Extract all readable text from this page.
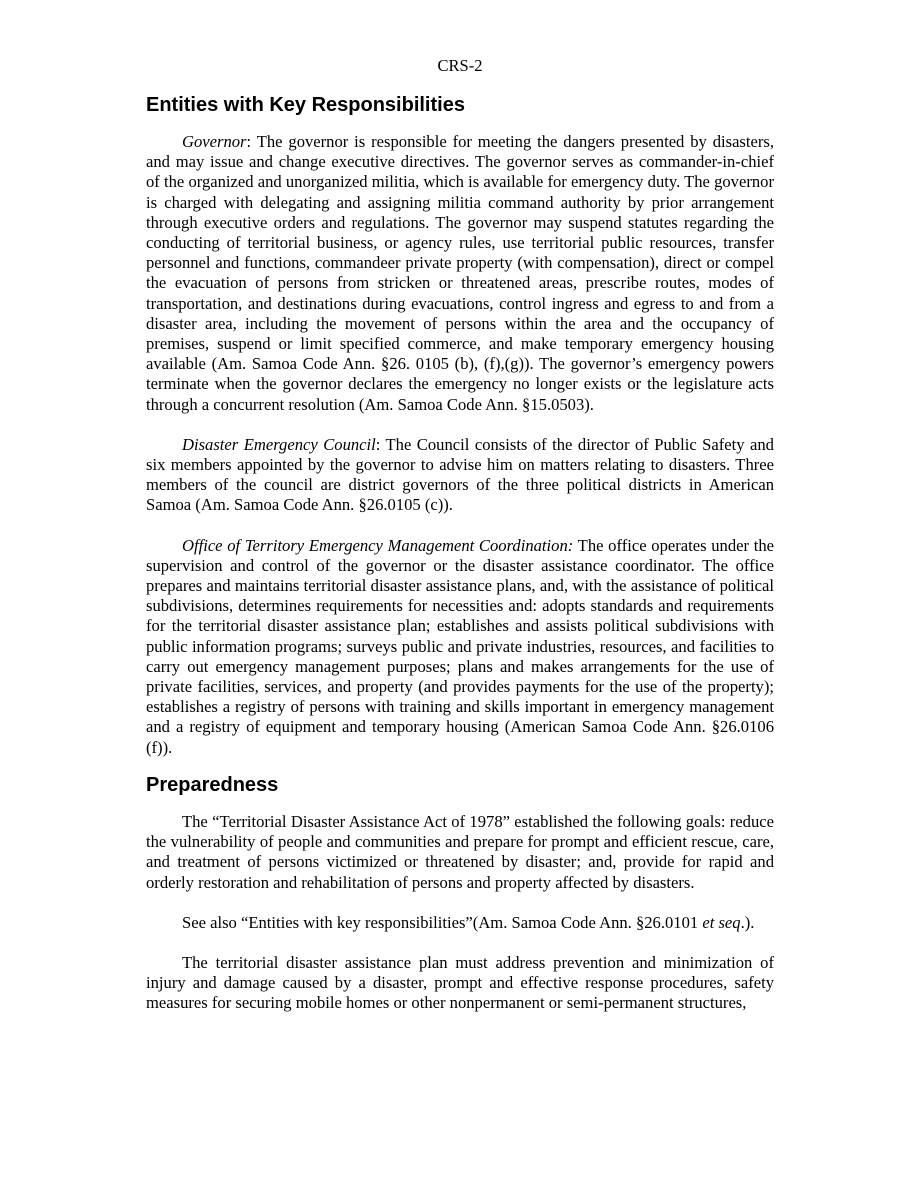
CRS-2
Entities with Key Responsibilities

Governor: The governor is responsible for meeting the dangers presented by disasters, and may issue and change executive directives. The governor serves as commander-in-chief of the organized and unorganized militia, which is available for emergency duty. The governor is charged with delegating and assigning militia command authority by prior arrangement through executive orders and regulations. The governor may suspend statutes regarding the conducting of territorial business, or agency rules, use territorial public resources, transfer personnel and functions, commandeer private property (with compensation), direct or compel the evacuation of persons from stricken or threatened areas, prescribe routes, modes of transportation, and destinations during evacuations, control ingress and egress to and from a disaster area, including the movement of persons within the area and the occupancy of premises, suspend or limit specified commerce, and make temporary emergency housing available (Am. Samoa Code Ann. §26. 0105 (b), (f),(g)). The governor’s emergency powers terminate when the governor declares the emergency no longer exists or the legislature acts through a concurrent resolution (Am. Samoa Code Ann. §15.0503).

Disaster Emergency Council: The Council consists of the director of Public Safety and six members appointed by the governor to advise him on matters relating to disasters. Three members of the council are district governors of the three political districts in American Samoa (Am. Samoa Code Ann. §26.0105 (c)).

Office of Territory Emergency Management Coordination: The office operates under the supervision and control of the governor or the disaster assistance coordinator. The office prepares and maintains territorial disaster assistance plans, and, with the assistance of political subdivisions, determines requirements for necessities and: adopts standards and requirements for the territorial disaster assistance plan; establishes and assists political subdivisions with public information programs; surveys public and private industries, resources, and facilities to carry out emergency management purposes; plans and makes arrangements for the use of private facilities, services, and property (and provides payments for the use of the property); establishes a registry of persons with training and skills important in emergency management and a registry of equipment and temporary housing (American Samoa Code Ann. §26.0106 (f)).

Preparedness

The “Territorial Disaster Assistance Act of 1978” established the following goals: reduce the vulnerability of people and communities and prepare for prompt and efficient rescue, care, and treatment of persons victimized or threatened by disaster; and, provide for rapid and orderly restoration and rehabilitation of persons and property affected by disasters.

See also “Entities with key responsibilities”(Am. Samoa Code Ann. §26.0101 et seq.).

The territorial disaster assistance plan must address prevention and minimization of injury and damage caused by a disaster, prompt and effective response procedures, safety measures for securing mobile homes or other nonpermanent or semi-permanent structures,
